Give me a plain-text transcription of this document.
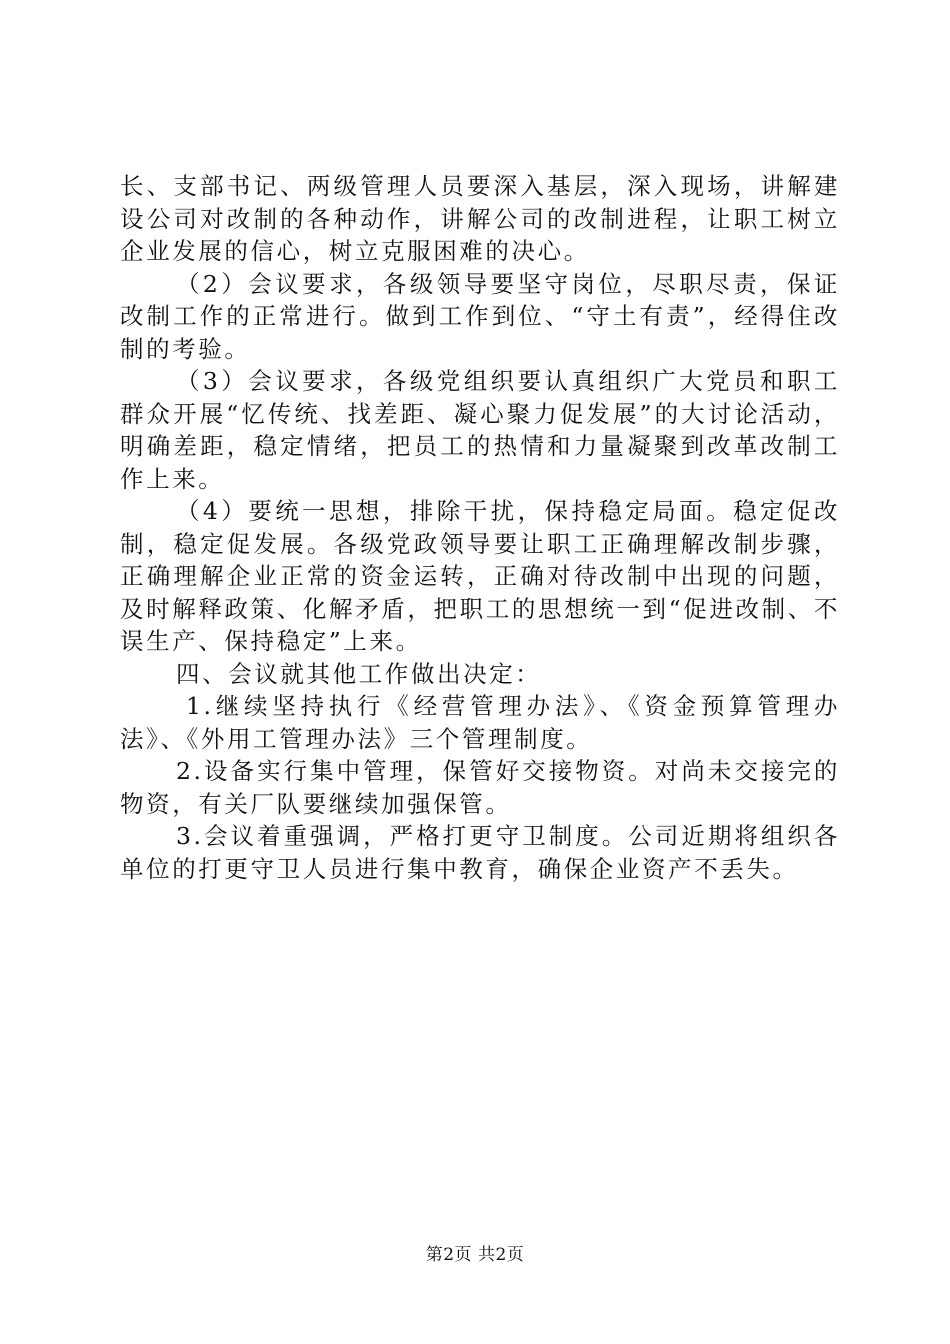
长、支部书记、两级管理人员要深入基层，深入现场，讲解建设公司对改制的各种动作，讲解公司的改制进程，让职工树立企业发展的信心，树立克服困难的决心。

（2）会议要求，各级领导要坚守岗位，尽职尽责，保证改制工作的正常进行。做到工作到位、“守土有责”，经得住改制的考验。

（3）会议要求，各级党组织要认真组织广大党员和职工群众开展“忆传统、找差距、凝心聚力促发展”的大讨论活动，明确差距，稳定情绪，把员工的热情和力量凝聚到改革改制工作上来。

（4）要统一思想，排除干扰，保持稳定局面。稳定促改制，稳定促发展。各级党政领导要让职工正确理解改制步骤，正确理解企业正常的资金运转，正确对待改制中出现的问题，及时解释政策、化解矛盾，把职工的思想统一到“促进改制、不误生产、保持稳定”上来。

四、会议就其他工作做出决定：

1.继续坚持执行《经营管理办法》、《资金预算管理办法》、《外用工管理办法》三个管理制度。

2.设备实行集中管理，保管好交接物资。对尚未交接完的物资，有关厂队要继续加强保管。

3.会议着重强调，严格打更守卫制度。公司近期将组织各单位的打更守卫人员进行集中教育，确保企业资产不丢失。

第2页 共2页
